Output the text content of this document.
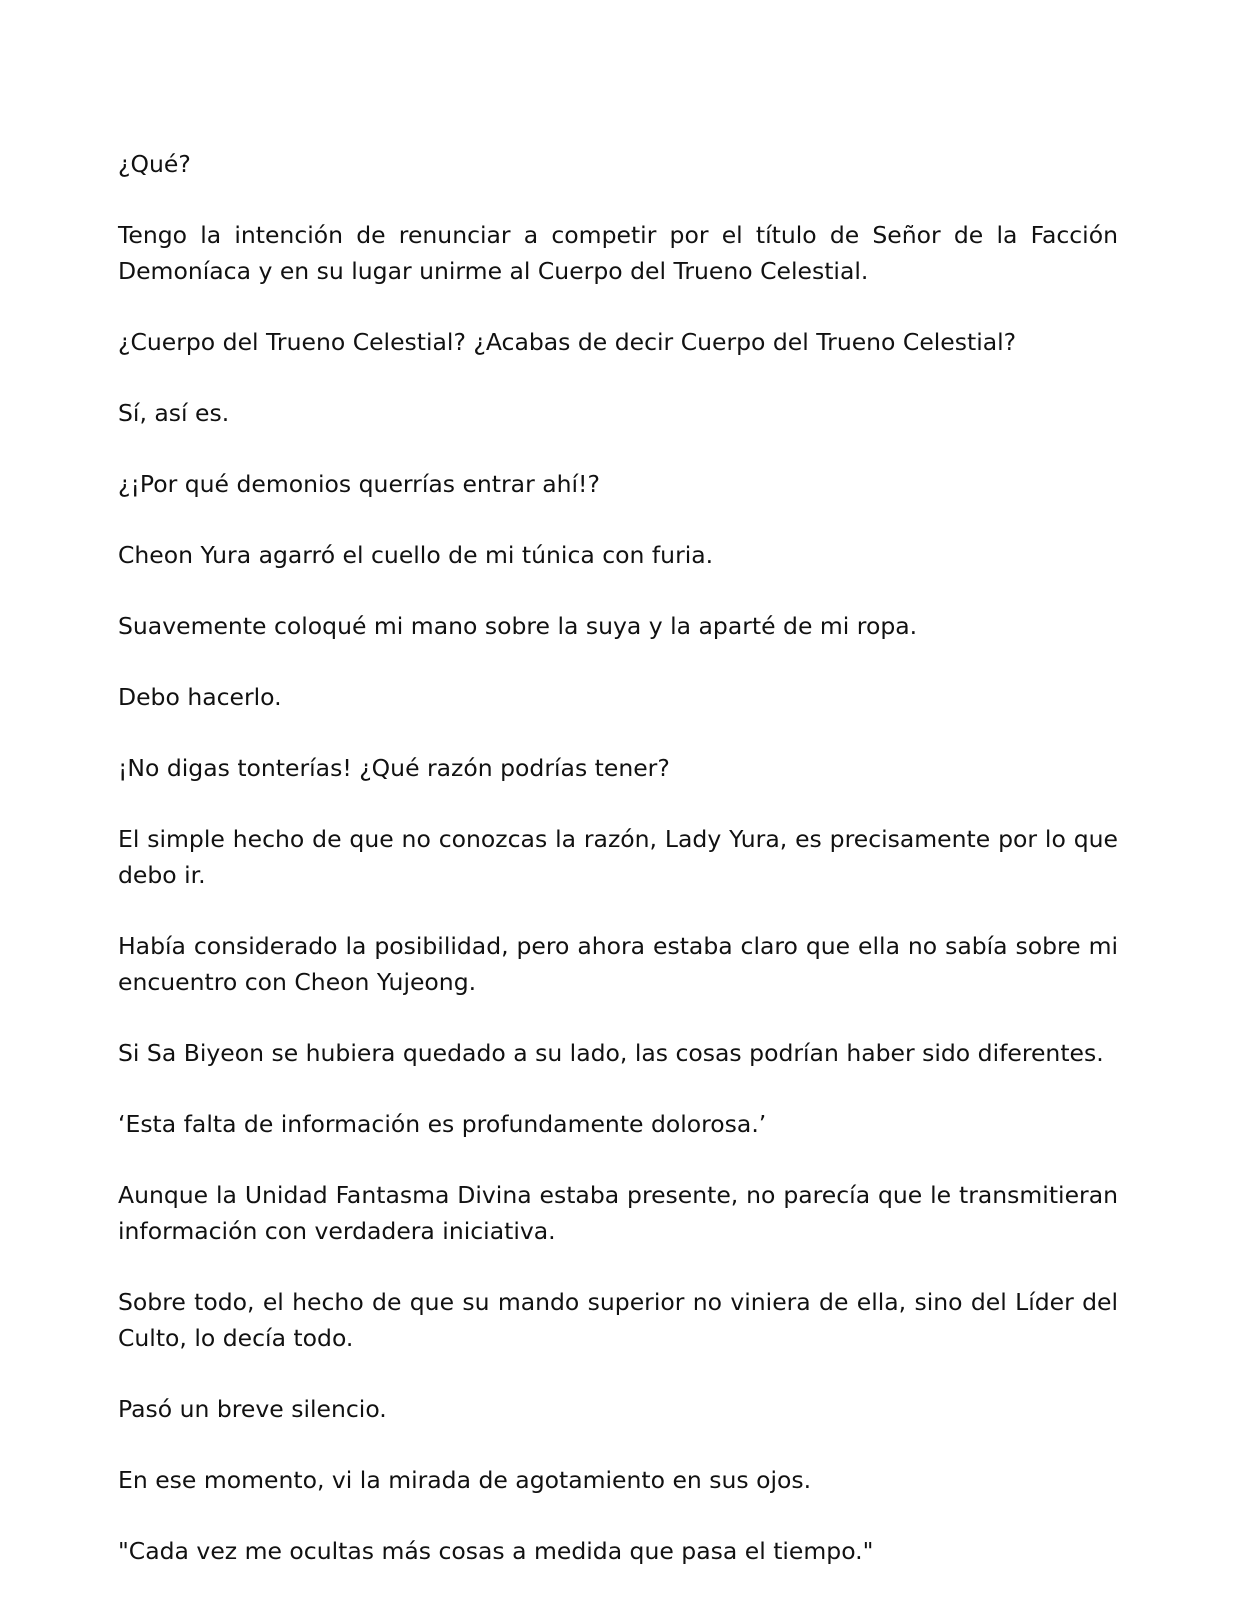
¿Qué?

Tengo la intención de renunciar a competir por el título de Señor de la Facción Demoníaca y en su lugar unirme al Cuerpo del Trueno Celestial.

¿Cuerpo del Trueno Celestial? ¿Acabas de decir Cuerpo del Trueno Celestial?

Sí, así es.

¿¡Por qué demonios querrías entrar ahí!?

Cheon Yura agarró el cuello de mi túnica con furia.

Suavemente coloqué mi mano sobre la suya y la aparté de mi ropa.

Debo hacerlo.

¡No digas tonterías! ¿Qué razón podrías tener?

El simple hecho de que no conozcas la razón, Lady Yura, es precisamente por lo que debo ir.

Había considerado la posibilidad, pero ahora estaba claro que ella no sabía sobre mi encuentro con Cheon Yujeong.

Si Sa Biyeon se hubiera quedado a su lado, las cosas podrían haber sido diferentes.

‘Esta falta de información es profundamente dolorosa.’

Aunque la Unidad Fantasma Divina estaba presente, no parecía que le transmitieran información con verdadera iniciativa.

Sobre todo, el hecho de que su mando superior no viniera de ella, sino del Líder del Culto, lo decía todo.

Pasó un breve silencio.

En ese momento, vi la mirada de agotamiento en sus ojos.

"Cada vez me ocultas más cosas a medida que pasa el tiempo."
